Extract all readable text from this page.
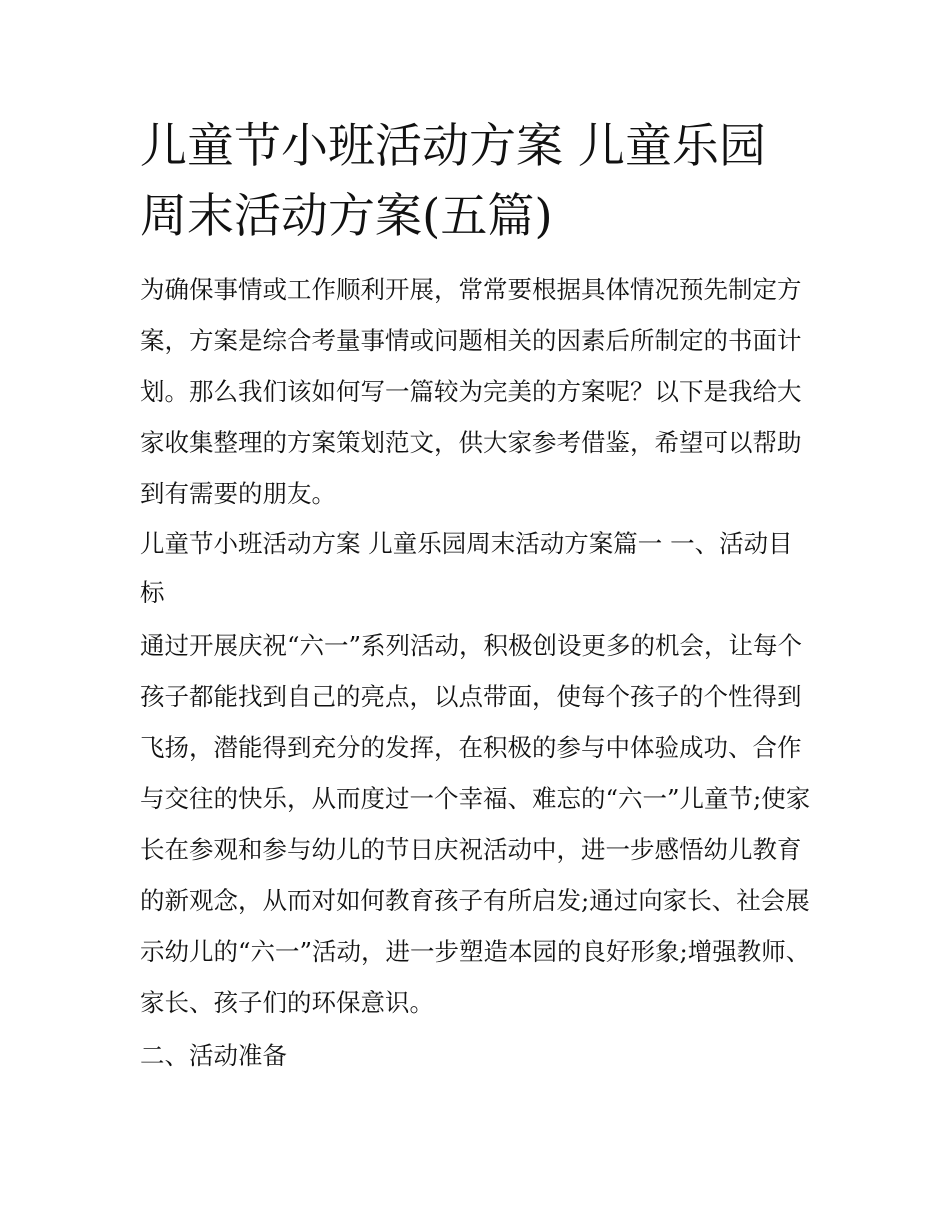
儿童节小班活动方案 儿童乐园周末活动方案(五篇)

为确保事情或工作顺利开展，常常要根据具体情况预先制定方案，方案是综合考量事情或问题相关的因素后所制定的书面计划。那么我们该如何写一篇较为完美的方案呢？以下是我给大家收集整理的方案策划范文，供大家参考借鉴，希望可以帮助到有需要的朋友。

儿童节小班活动方案 儿童乐园周末活动方案篇一 一、活动目标

通过开展庆祝“六一”系列活动，积极创设更多的机会，让每个孩子都能找到自己的亮点，以点带面，使每个孩子的个性得到飞扬，潜能得到充分的发挥，在积极的参与中体验成功、合作与交往的快乐，从而度过一个幸福、难忘的“六一”儿童节;使家长在参观和参与幼儿的节日庆祝活动中，进一步感悟幼儿教育的新观念，从而对如何教育孩子有所启发;通过向家长、社会展示幼儿的“六一”活动，进一步塑造本园的良好形象;增强教师、家长、孩子们的环保意识。

二、活动准备
